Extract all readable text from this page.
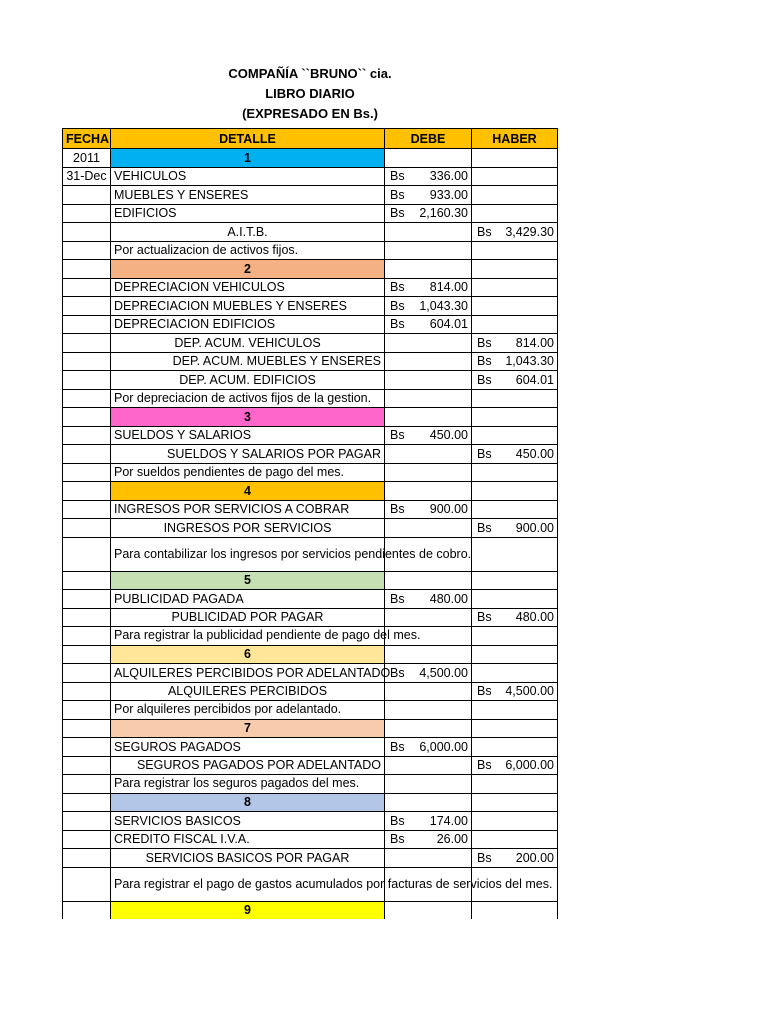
COMPAÑÍA ``BRUNO`` cia.
LIBRO DIARIO
(EXPRESADO EN Bs.)
FECHA	DETALLE	DEBE	HABER
2011	1		
31-Dec	VEHICULOS	Bs 336.00	

	MUEBLES Y ENSERES	Bs 933.00	

	EDIFICIOS	Bs 2,160.30	

	A.I.T.B.		Bs 3,429.30

	Por actualizacion de activos fijos.		
	2		
	DEPRECIACION VEHICULOS	Bs 814.00	

	DEPRECIACION MUEBLES Y ENSERES	Bs 1,043.30	

	DEPRECIACION EDIFICIOS	Bs 604.01	

	DEP. ACUM. VEHICULOS		Bs 814.00

	DEP. ACUM. MUEBLES Y ENSERES		Bs 1,043.30

	DEP. ACUM. EDIFICIOS		Bs 604.01

	Por depreciacion de activos fijos de la gestion.		
	3		
	SUELDOS Y SALARIOS	Bs 450.00	

	SUELDOS Y SALARIOS POR PAGAR		Bs 450.00

	Por sueldos pendientes de pago del mes.		
	4		
	INGRESOS POR SERVICIOS A COBRAR	Bs 900.00	

	INGRESOS POR SERVICIOS		Bs 900.00

	Para contabilizar los ingresos por servicios pendientes de cobro.		
	5		
	PUBLICIDAD PAGADA	Bs 480.00	

	PUBLICIDAD POR PAGAR		Bs 480.00

	Para registrar la publicidad pendiente de pago del mes.		
	6		
	ALQUILERES PERCIBIDOS POR ADELANTADO	Bs 4,500.00	

	ALQUILERES PERCIBIDOS		Bs 4,500.00

	Por alquileres percibidos por adelantado.		
	7		
	SEGUROS PAGADOS	Bs 6,000.00	

	SEGUROS PAGADOS POR ADELANTADO		Bs 6,000.00

	Para registrar los seguros pagados del mes.		
	8		
	SERVICIOS BASICOS	Bs 174.00	

	CREDITO FISCAL I.V.A.	Bs 26.00	

	SERVICIOS BASICOS POR PAGAR		Bs 200.00

	Para registrar el pago de gastos acumulados por facturas de servicios del mes.		
	9		
